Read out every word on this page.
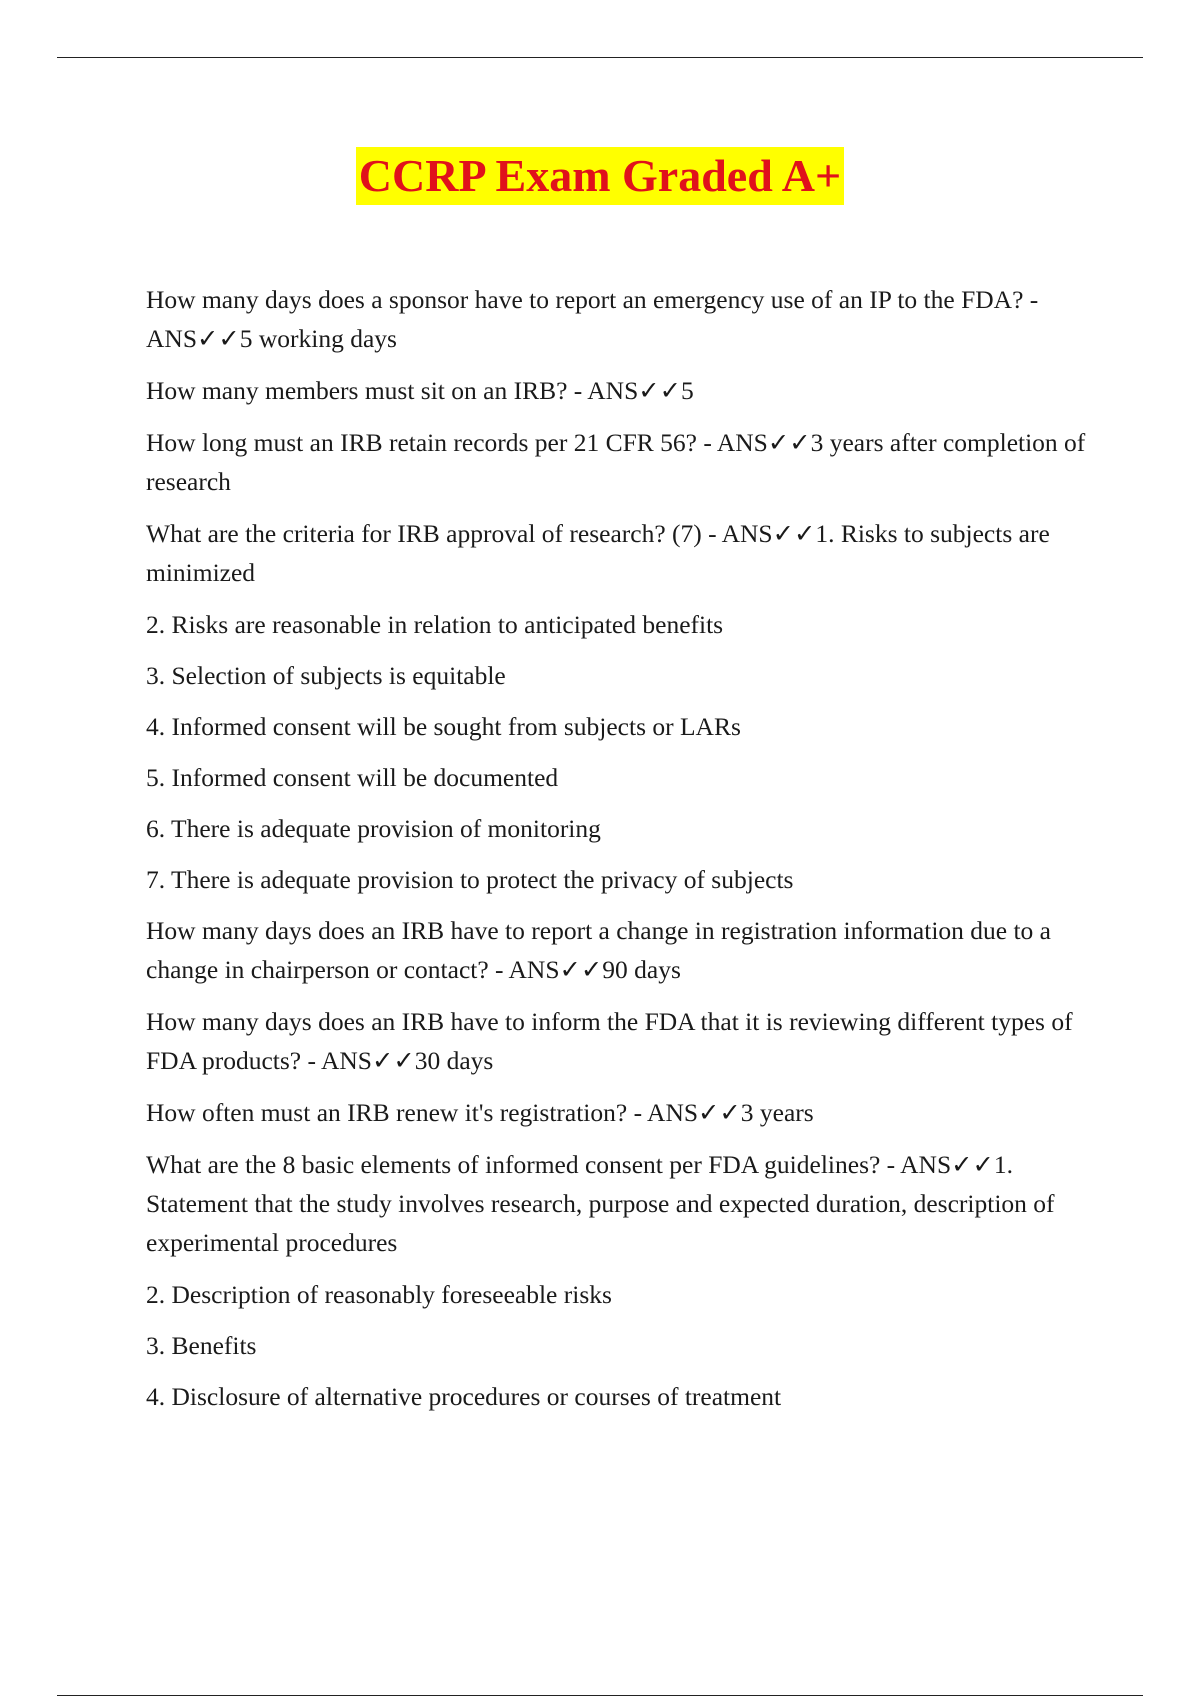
CCRP Exam Graded A+

How many days does a sponsor have to report an emergency use of an IP to the FDA? - ANS✓✓5 working days

How many members must sit on an IRB? - ANS✓✓5

How long must an IRB retain records per 21 CFR 56? - ANS✓✓3 years after completion of research

What are the criteria for IRB approval of research? (7) - ANS✓✓1. Risks to subjects are minimized

2. Risks are reasonable in relation to anticipated benefits

3. Selection of subjects is equitable

4. Informed consent will be sought from subjects or LARs

5. Informed consent will be documented

6. There is adequate provision of monitoring

7. There is adequate provision to protect the privacy of subjects

How many days does an IRB have to report a change in registration information due to a change in chairperson or contact? - ANS✓✓90 days

How many days does an IRB have to inform the FDA that it is reviewing different types of FDA products? - ANS✓✓30 days

How often must an IRB renew it's registration? - ANS✓✓3 years

What are the 8 basic elements of informed consent per FDA guidelines? - ANS✓✓1. Statement that the study involves research, purpose and expected duration, description of experimental procedures

2. Description of reasonably foreseeable risks

3. Benefits

4. Disclosure of alternative procedures or courses of treatment
